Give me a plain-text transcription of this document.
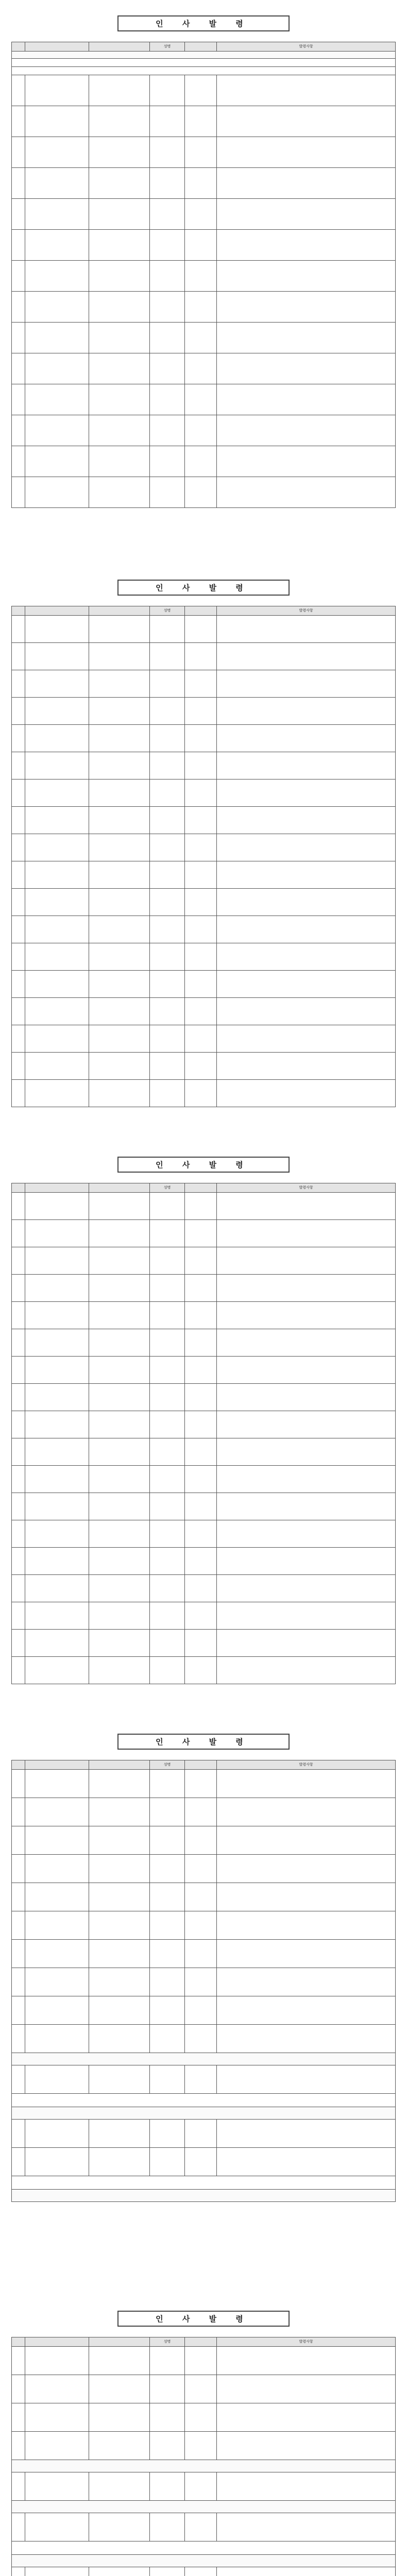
인 사 발 령
			성명		발령사항

인 사 발 령
			성명		발령사항

인 사 발 령
			성명		발령사항

인 사 발 령
			성명		발령사항

인 사 발 령
			성명		발령사항
